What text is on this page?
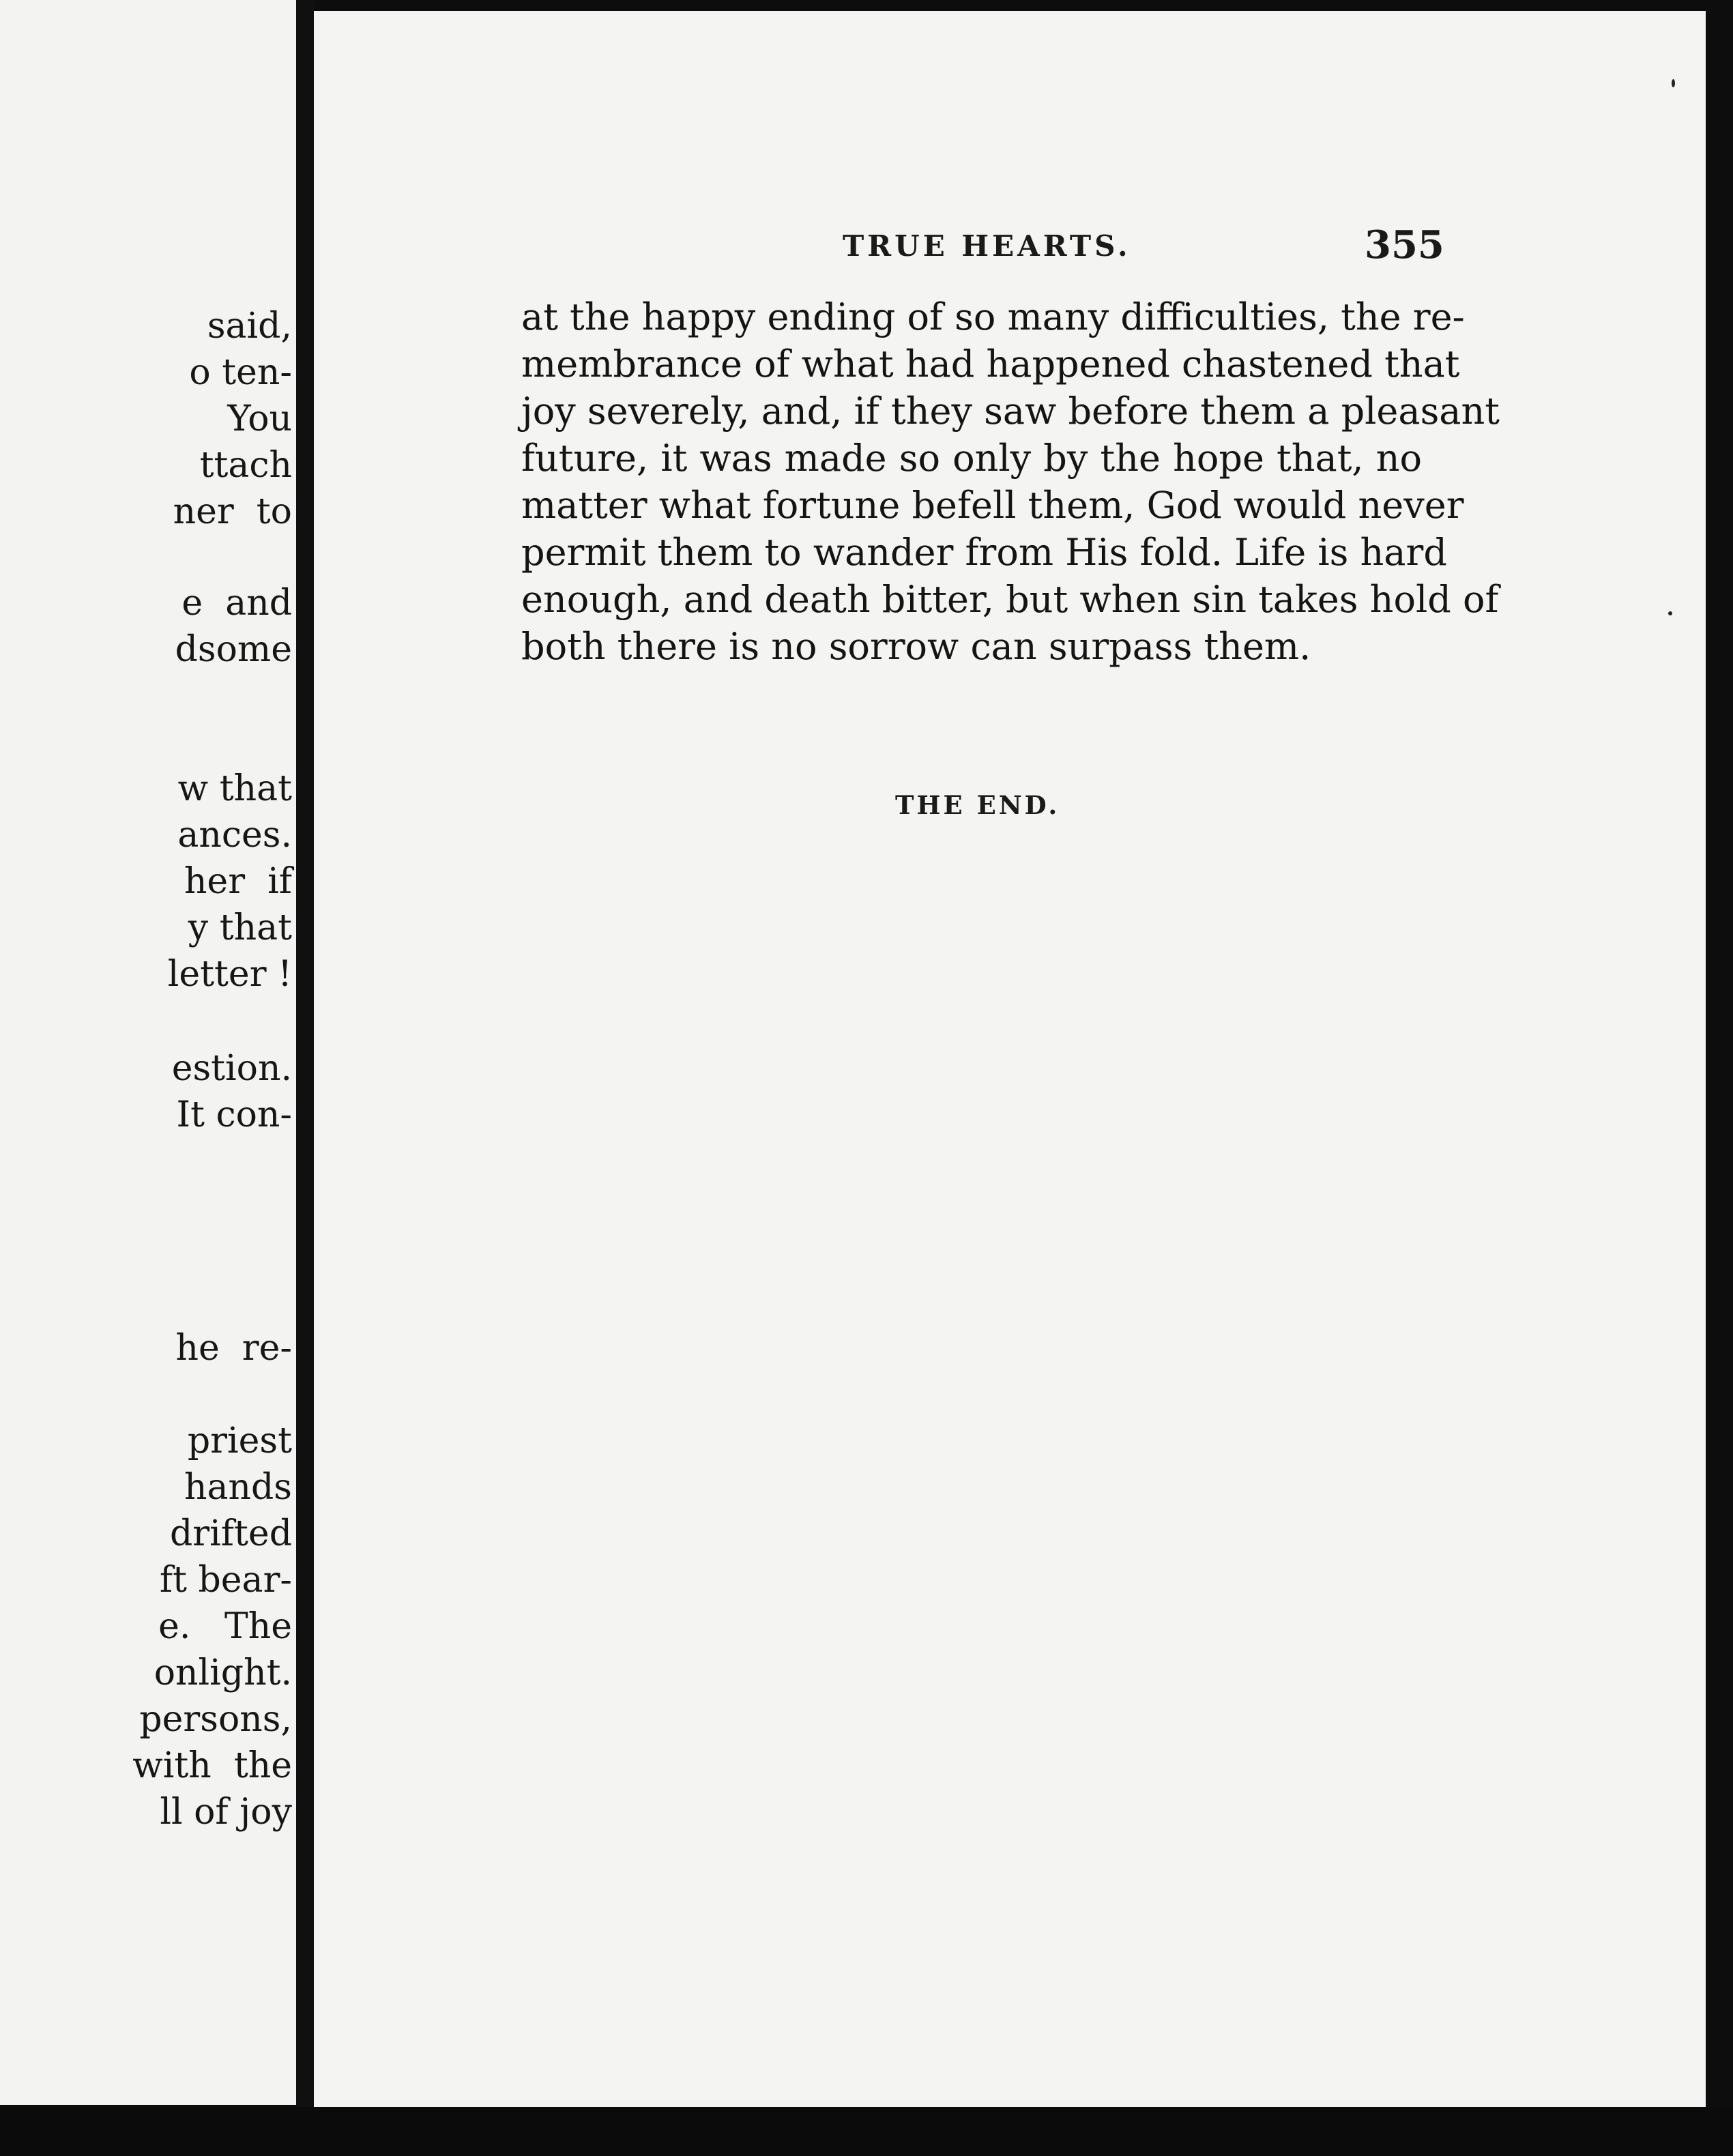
said,
o ten-
You
ttach
ner  to
e  and
dsome
w that
ances.
her  if
y that
letter !
estion.
It con-
he  re-
priest
hands
drifted
ft bear-
e.   The
onlight.
persons,
with  the
ll of joy
TRUE HEARTS.	355
at the happy ending of so many difficulties, the re-
membrance of what had happened chastened that
joy severely, and, if they saw before them a pleasant
future, it was made so only by the hope that, no
matter what fortune befell them, God would never
permit them to wander from His fold. Life is hard
enough, and death bitter, but when sin takes hold of
both there is no sorrow can surpass them.
THE END.
